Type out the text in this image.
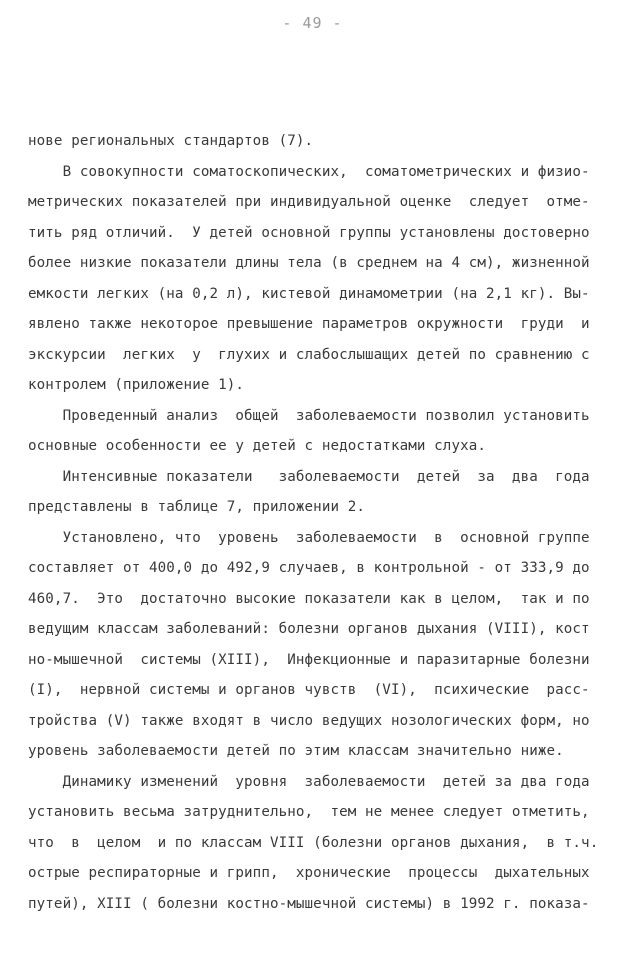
- 49 -
нове региональных стандартов (7).
В совокупности соматоскопических,  соматометрических и физио-
метрических показателей при индивидуальной оценке  следует  отме-
тить ряд отличий.  У детей основной группы установлены достоверно
более низкие показатели длины тела (в среднем на 4 см), жизненной
емкости легких (на 0,2 л), кистевой динамометрии (на 2,1 кг). Вы-
явлено также некоторое превышение параметров окружности  груди  и
экскурсии  легких  у  глухих и слабослышащих детей по сравнению с
контролем (приложение 1).
Проведенный анализ  общей  заболеваемости позволил установить
основные особенности ее у детей с недостатками слуха.
Интенсивные показатели   заболеваемости  детей  за  два  года
представлены в таблице 7, приложении 2.
Установлено, что  уровень  заболеваемости  в  основной группе
составляет от 400,0 до 492,9 случаев, в контрольной - от 333,9 до
460,7.  Это  достаточно высокие показатели как в целом,  так и по
ведущим классам заболеваний: болезни органов дыхания (VIII), кост
но-мышечной  системы (XIII),  Инфекционные и паразитарные болезни
(I),  нервной системы и органов чувств  (VI),  психические  расс-
тройства (V) также входят в число ведущих нозологических форм, но
уровень заболеваемости детей по этим классам значительно ниже.
Динамику изменений  уровня  заболеваемости  детей за два года
установить весьма затруднительно,  тем не менее следует отметить,
что  в  целом  и по классам VIII (болезни органов дыхания,  в т.ч.
острые респираторные и грипп,  хронические  процессы  дыхательных
путей), XIII ( болезни костно-мышечной системы) в 1992 г. показа-
